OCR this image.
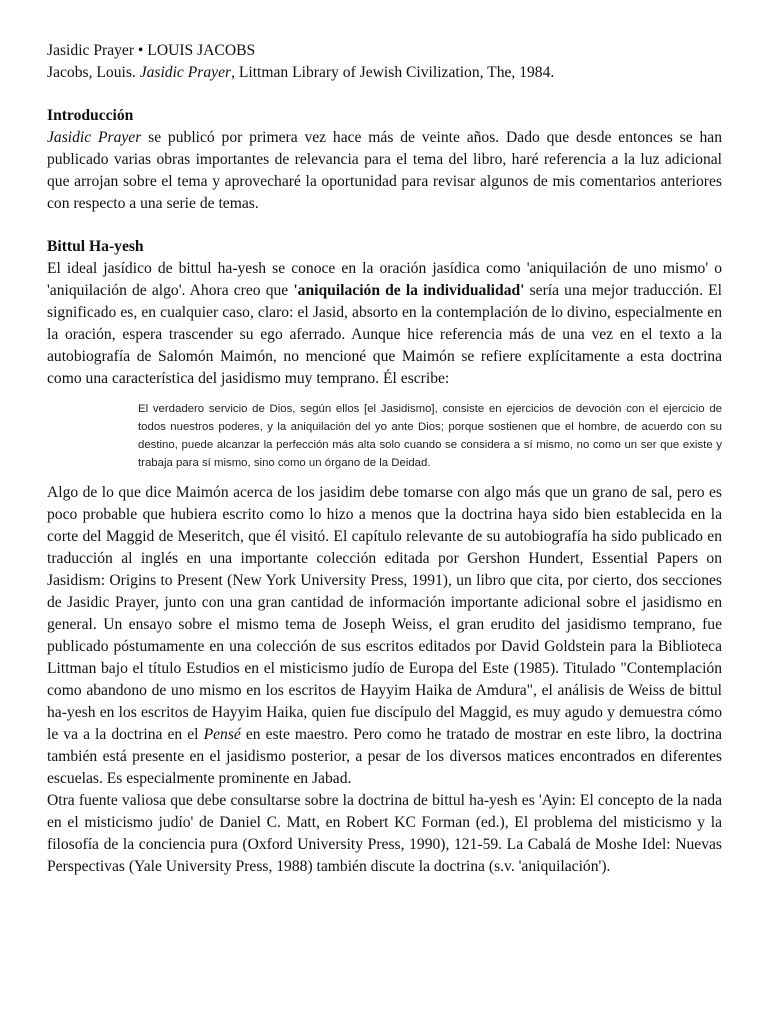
Jasidic Prayer • LOUIS JACOBS

Jacobs, Louis. Jasidic Prayer, Littman Library of Jewish Civilization, The, 1984.

Introducción

Jasidic Prayer se publicó por primera vez hace más de veinte años. Dado que desde entonces se han publicado varias obras importantes de relevancia para el tema del libro, haré referencia a la luz adicional que arrojan sobre el tema y aprovecharé la oportunidad para revisar algunos de mis comentarios anteriores con respecto a una serie de temas.

Bittul Ha-yesh

El ideal jasídico de bittul ha-yesh se conoce en la oración jasídica como 'aniquilación de uno mismo' o 'aniquilación de algo'. Ahora creo que 'aniquilación de la individualidad' sería una mejor traducción. El significado es, en cualquier caso, claro: el Jasid, absorto en la contemplación de lo divino, especialmente en la oración, espera trascender su ego aferrado. Aunque hice referencia más de una vez en el texto a la autobiografía de Salomón Maimón, no mencioné que Maimón se refiere explícitamente a esta doctrina como una característica del jasidismo muy temprano. Él escribe:

El verdadero servicio de Dios, según ellos [el Jasidismo], consiste en ejercicios de devoción con el ejercicio de todos nuestros poderes, y la aniquilación del yo ante Dios; porque sostienen que el hombre, de acuerdo con su destino, puede alcanzar la perfección más alta solo cuando se considera a sí mismo, no como un ser que existe y trabaja para sí mismo, sino como un órgano de la Deidad.

Algo de lo que dice Maimón acerca de los jasidim debe tomarse con algo más que un grano de sal, pero es poco probable que hubiera escrito como lo hizo a menos que la doctrina haya sido bien establecida en la corte del Maggid de Meseritch, que él visitó. El capítulo relevante de su autobiografía ha sido publicado en traducción al inglés en una importante colección editada por Gershon Hundert, Essential Papers on Jasidism: Origins to Present (New York University Press, 1991), un libro que cita, por cierto, dos secciones de Jasidic Prayer, junto con una gran cantidad de información importante adicional sobre el jasidismo en general. Un ensayo sobre el mismo tema de Joseph Weiss, el gran erudito del jasidismo temprano, fue publicado póstumamente en una colección de sus escritos editados por David Goldstein para la Biblioteca Littman bajo el título Estudios en el misticismo judío de Europa del Este (1985). Titulado "Contemplación como abandono de uno mismo en los escritos de Hayyim Haika de Amdura", el análisis de Weiss de bittul ha-yesh en los escritos de Hayyim Haika, quien fue discípulo del Maggid, es muy agudo y demuestra cómo le va a la doctrina en el Pensé en este maestro. Pero como he tratado de mostrar en este libro, la doctrina también está presente en el jasidismo posterior, a pesar de los diversos matices encontrados en diferentes escuelas. Es especialmente prominente en Jabad.

Otra fuente valiosa que debe consultarse sobre la doctrina de bittul ha-yesh es 'Ayin: El concepto de la nada en el misticismo judío' de Daniel C. Matt, en Robert KC Forman (ed.), El problema del misticismo y la filosofía de la conciencia pura (Oxford University Press, 1990), 121-59. La Cabalá de Moshe Idel: Nuevas Perspectivas (Yale University Press, 1988) también discute la doctrina (s.v. 'aniquilación').
